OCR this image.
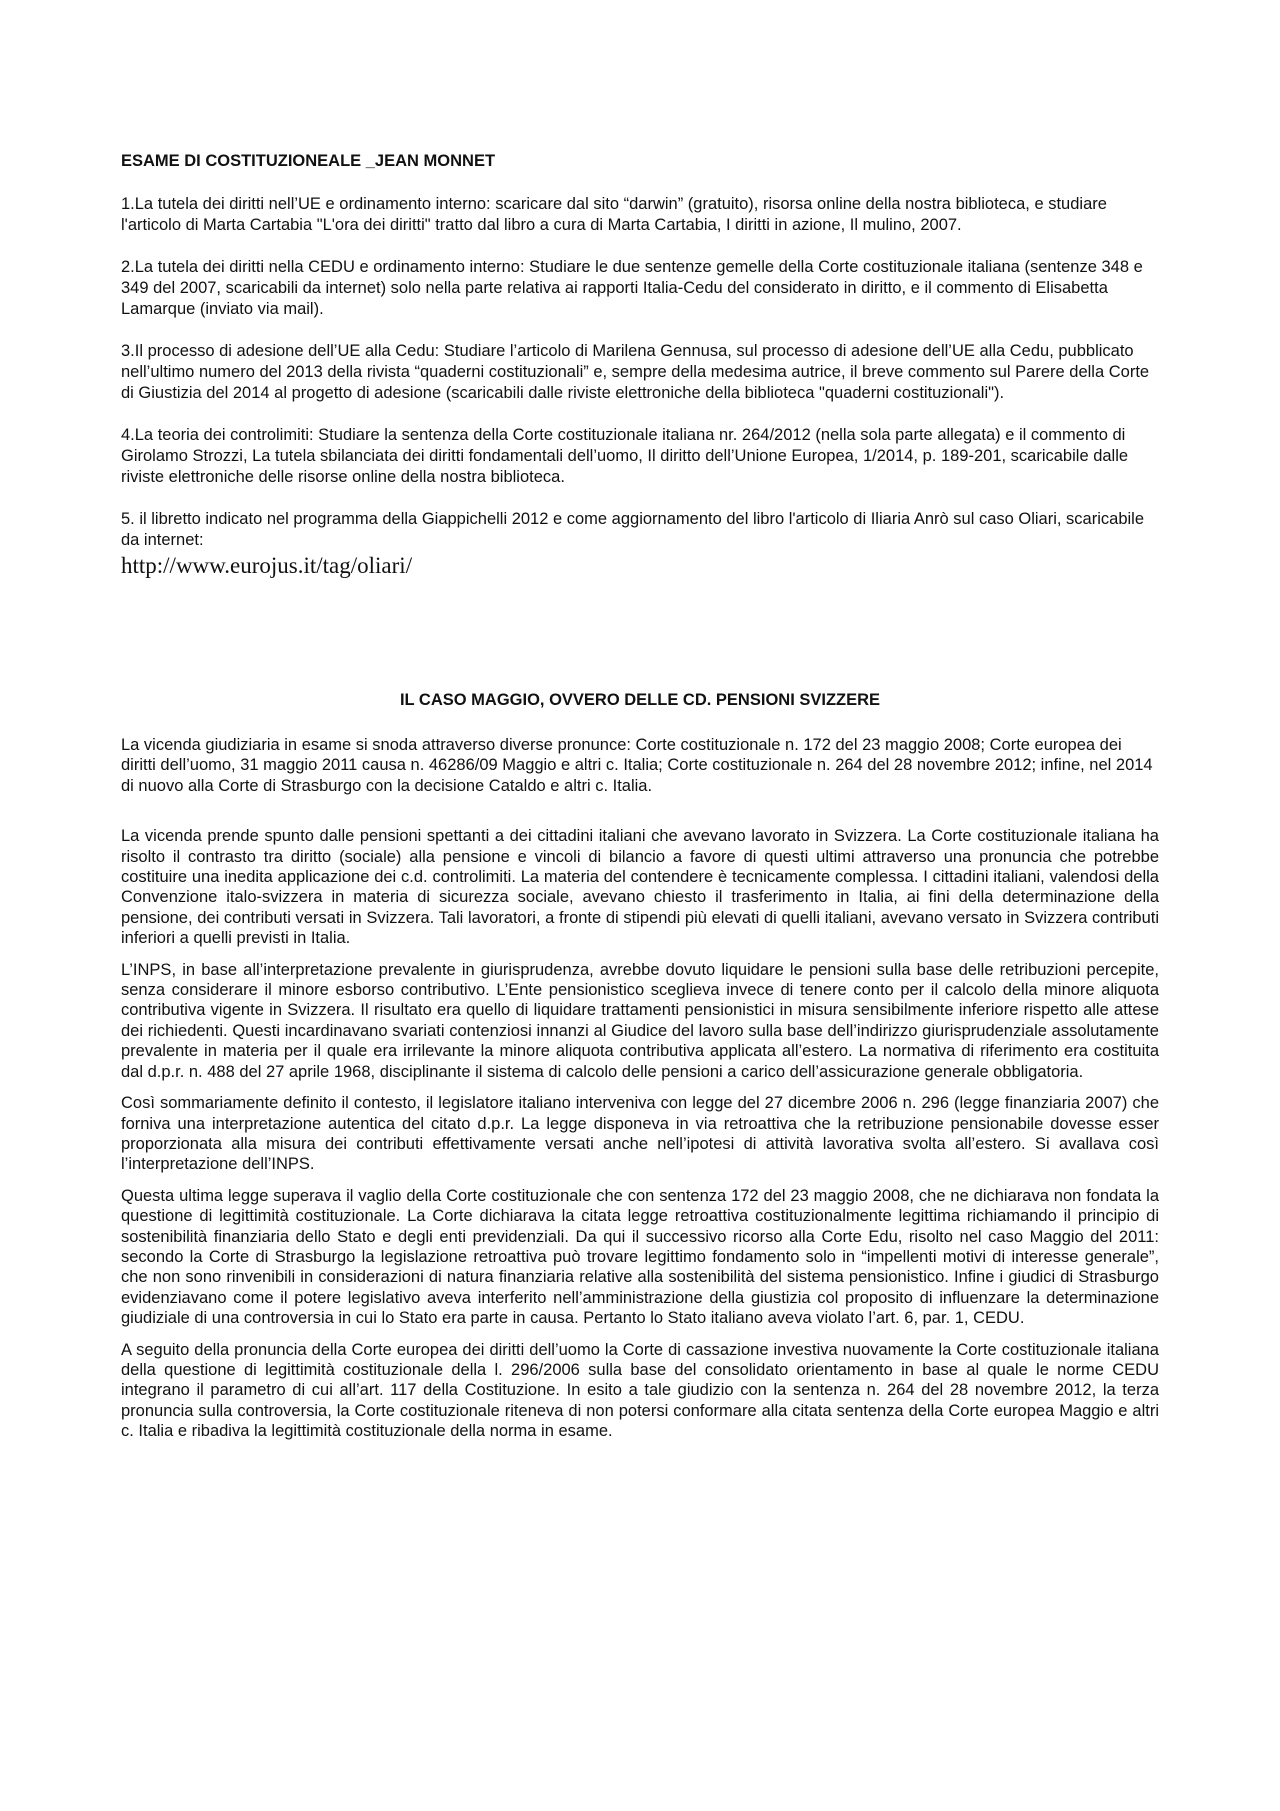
ESAME DI COSTITUZIONEALE _JEAN MONNET
1.La tutela dei diritti nell’UE e ordinamento interno: scaricare dal sito “darwin” (gratuito), risorsa online della nostra biblioteca, e studiare l'articolo di Marta Cartabia "L'ora dei diritti" tratto dal libro a cura di Marta Cartabia, I diritti in azione, Il mulino, 2007.
2.La tutela dei diritti nella CEDU e ordinamento interno: Studiare le due sentenze gemelle della Corte costituzionale italiana (sentenze 348 e 349 del 2007, scaricabili da internet) solo nella parte relativa ai rapporti Italia-Cedu del considerato in diritto, e il commento di Elisabetta Lamarque (inviato via mail).
3.Il processo di adesione dell’UE alla Cedu: Studiare l’articolo di Marilena Gennusa, sul processo di adesione dell’UE alla Cedu, pubblicato nell’ultimo numero del 2013 della rivista “quaderni costituzionali” e, sempre della medesima autrice, il breve commento sul Parere della Corte di Giustizia del 2014 al progetto di adesione (scaricabili dalle riviste elettroniche della biblioteca "quaderni costituzionali").
4.La teoria dei controlimiti: Studiare la sentenza della Corte costituzionale italiana nr. 264/2012 (nella sola parte allegata) e il commento di Girolamo Strozzi, La tutela sbilanciata dei diritti fondamentali dell’uomo, Il diritto dell’Unione Europea, 1/2014, p. 189-201, scaricabile dalle riviste elettroniche delle risorse online della nostra biblioteca.
5. il libretto indicato nel programma della Giappichelli 2012 e come aggiornamento del libro l'articolo di Iliaria Anrò sul caso Oliari, scaricabile da internet:
http://www.eurojus.it/tag/oliari/
IL CASO MAGGIO, OVVERO DELLE CD. PENSIONI SVIZZERE
La vicenda giudiziaria in esame si snoda attraverso diverse pronunce: Corte costituzionale n. 172 del 23 maggio 2008; Corte europea dei diritti dell’uomo, 31 maggio 2011 causa n. 46286/09 Maggio e altri c. Italia; Corte costituzionale n. 264 del 28 novembre 2012; infine, nel 2014 di nuovo alla Corte di Strasburgo con la decisione Cataldo e altri c. Italia.
La vicenda prende spunto dalle pensioni spettanti a dei cittadini italiani che avevano lavorato in Svizzera. La Corte costituzionale italiana ha risolto il contrasto tra diritto (sociale) alla pensione e vincoli di bilancio a favore di questi ultimi attraverso una pronuncia che potrebbe costituire una inedita applicazione dei c.d. controlimiti. La materia del contendere è tecnicamente complessa. I cittadini italiani, valendosi della Convenzione italo-svizzera in materia di sicurezza sociale, avevano chiesto il trasferimento in Italia, ai fini della determinazione della pensione, dei contributi versati in Svizzera. Tali lavoratori, a fronte di stipendi più elevati di quelli italiani, avevano versato in Svizzera contributi inferiori a quelli previsti in Italia.
L’INPS, in base all’interpretazione prevalente in giurisprudenza, avrebbe dovuto liquidare le pensioni sulla base delle retribuzioni percepite, senza considerare il minore esborso contributivo. L’Ente pensionistico sceglieva invece di tenere conto per il calcolo della minore aliquota contributiva vigente in Svizzera. Il risultato era quello di liquidare trattamenti pensionistici in misura sensibilmente inferiore rispetto alle attese dei richiedenti. Questi incardinavano svariati contenziosi innanzi al Giudice del lavoro sulla base dell’indirizzo giurisprudenziale assolutamente prevalente in materia per il quale era irrilevante la minore aliquota contributiva applicata all’estero. La normativa di riferimento era costituita dal d.p.r. n. 488 del 27 aprile 1968, disciplinante il sistema di calcolo delle pensioni a carico dell’assicurazione generale obbligatoria.
Così sommariamente definito il contesto, il legislatore italiano interveniva con legge del 27 dicembre 2006 n. 296 (legge finanziaria 2007) che forniva una interpretazione autentica del citato d.p.r. La legge disponeva in via retroattiva che la retribuzione pensionabile dovesse esser proporzionata alla misura dei contributi effettivamente versati anche nell’ipotesi di attività lavorativa svolta all’estero. Si avallava così l’interpretazione dell’INPS.
Questa ultima legge superava il vaglio della Corte costituzionale che con sentenza 172 del 23 maggio 2008, che ne dichiarava non fondata la questione di legittimità costituzionale. La Corte dichiarava la citata legge retroattiva costituzionalmente legittima richiamando il principio di sostenibilità finanziaria dello Stato e degli enti previdenziali. Da qui il successivo ricorso alla Corte Edu, risolto nel caso Maggio del 2011: secondo la Corte di Strasburgo la legislazione retroattiva può trovare legittimo fondamento solo in “impellenti motivi di interesse generale”, che non sono rinvenibili in considerazioni di natura finanziaria relative alla sostenibilità del sistema pensionistico. Infine i giudici di Strasburgo evidenziavano come il potere legislativo aveva interferito nell’amministrazione della giustizia col proposito di influenzare la determinazione giudiziale di una controversia in cui lo Stato era parte in causa. Pertanto lo Stato italiano aveva violato l’art. 6, par. 1, CEDU.
A seguito della pronuncia della Corte europea dei diritti dell’uomo la Corte di cassazione investiva nuovamente la Corte costituzionale italiana della questione di legittimità costituzionale della l. 296/2006 sulla base del consolidato orientamento in base al quale le norme CEDU integrano il parametro di cui all’art. 117 della Costituzione. In esito a tale giudizio con la sentenza n. 264 del 28 novembre 2012, la terza pronuncia sulla controversia, la Corte costituzionale riteneva di non potersi conformare alla citata sentenza della Corte europea Maggio e altri c. Italia e ribadiva la legittimità costituzionale della norma in esame.
